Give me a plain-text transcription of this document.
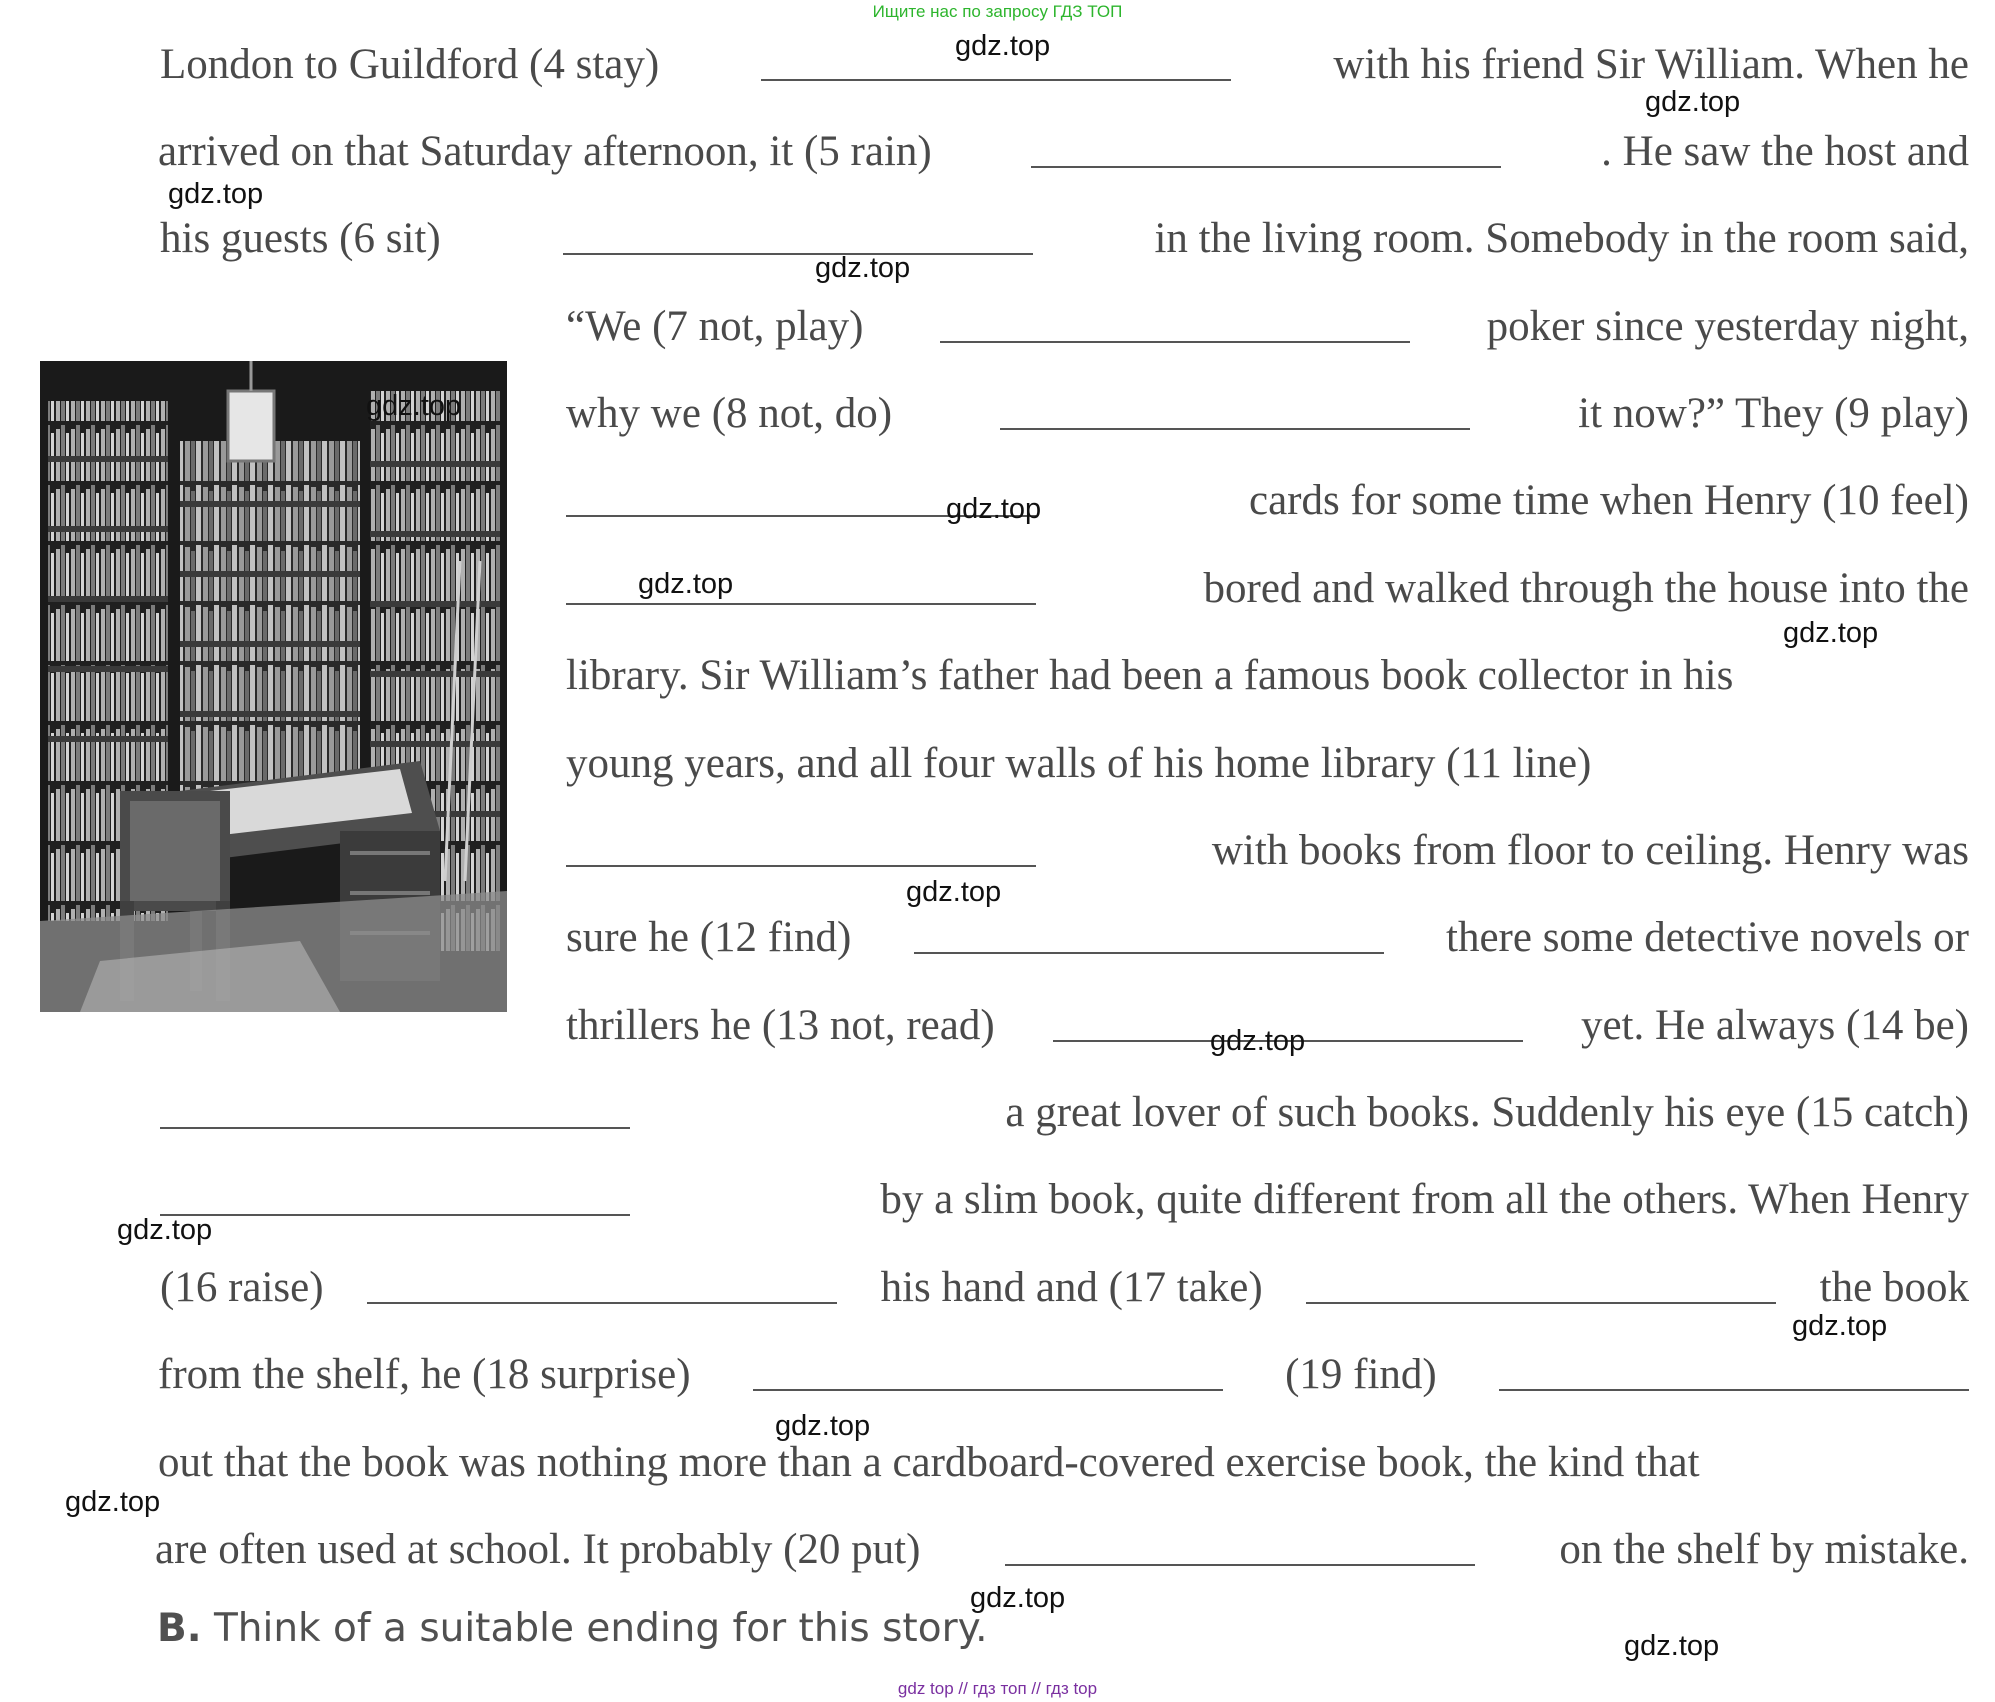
Ищите нас по запросу ГДЗ ТОП
London to Guildford (4 stay)	with his friend Sir William. When he
arrived on that Saturday afternoon, it (5 rain)	. He saw the host and
his guests (6 sit)	in the living room. Somebody in the room said,
“We (7 not, play)	poker since yesterday night,
why we (8 not, do)	it now?” They (9 play)
cards for some time when Henry (10 feel)
bored and walked through the house into the
library. Sir William’s father had been a famous book collector in his
young years, and all four walls of his home library (11 line)
with books from floor to ceiling. Henry was
sure he (12 find)	there some detective novels or
thrillers he (13 not, read)	yet. He always (14 be)
a great lover of such books. Suddenly his eye (15 catch)
by a slim book, quite different from all the others. When Henry
(16 raise)	his hand and (17 take)	the book
from the shelf, he (18 surprise)	(19 find)
out that the book was nothing more than a cardboard-covered exercise book, the kind that
are often used at school. It probably (20 put)	on the shelf by mistake.
B. Think of a suitable ending for this story.
gdz.top
gdz.top
gdz.top
gdz.top
gdz.top
gdz.top
gdz.top
gdz.top
gdz.top
gdz.top
gdz.top
gdz.top
gdz.top
gdz.top
gdz.top
gdz.top
gdz top // гдз топ // гдз top
